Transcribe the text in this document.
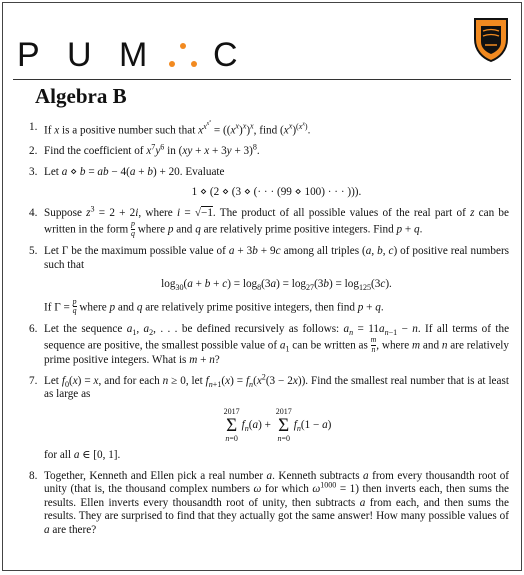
P U M C
Algebra B
1. If x is a positive number such that $x^{x^{x^x}} = ((x^x)^x)^x$, find $(x^x)^{(x^x)}$.
2. Find the coefficient of $x^7y^6$ in (xy + x + 3y + 3)$^8$.
3. Let a ⋄ b = ab − 4(a + b) + 20. Evaluate
1 ⋄ (2 ⋄ (3 ⋄ (· · · (99 ⋄ 100) · · · ))).
4. Suppose $z^3 = 2 + 2i$, where i = √−1. The product of all possible values of the real part of z can be written in the form $\frac{p}{q}$ where p and q are relatively prime positive integers. Find p + q.
5. Let Γ be the maximum possible value of a + 3b + 9c among all triples (a, b, c) of positive real numbers such that
$\log_{30}(a + b + c) = \log_8(3a) = \log_{27}(3b) = \log_{125}(3c)$.
If $\Gamma = \frac{p}{q}$ where p and q are relatively prime positive integers, then find p + q.
6. Let the sequence $a_1$, $a_2$, . . . be defined recursively as follows: $a_n = 11a_{n-1} - n$. If all terms of the sequence are positive, the smallest possible value of $a_1$ can be written as $\frac{m}{n}$ , where m and n are relatively prime positive integers. What is m + n?
7. Let $f_0(x) = x$, and for each n ≥ 0, let $f_{n+1}(x) = f_n(x^2(3 - 2x))$. Find the smallest real number that is at least as large as
2017
Σ
n=0
$f_n(a)$ +
2017
Σ
n=0
$f_n(1 - a)$
for all a ∈ [0, 1].
8. Together, Kenneth and Ellen pick a real number a. Kenneth subtracts a from every thousandth root of unity (that is, the thousand complex numbers ω for which $\omega^{1000} = 1$) then inverts each, then sums the results. Ellen inverts every thousandth root of unity, then subtracts a from each, and then sums the results. They are surprised to find that they actually got the same answer! How many possible values of a are there?
